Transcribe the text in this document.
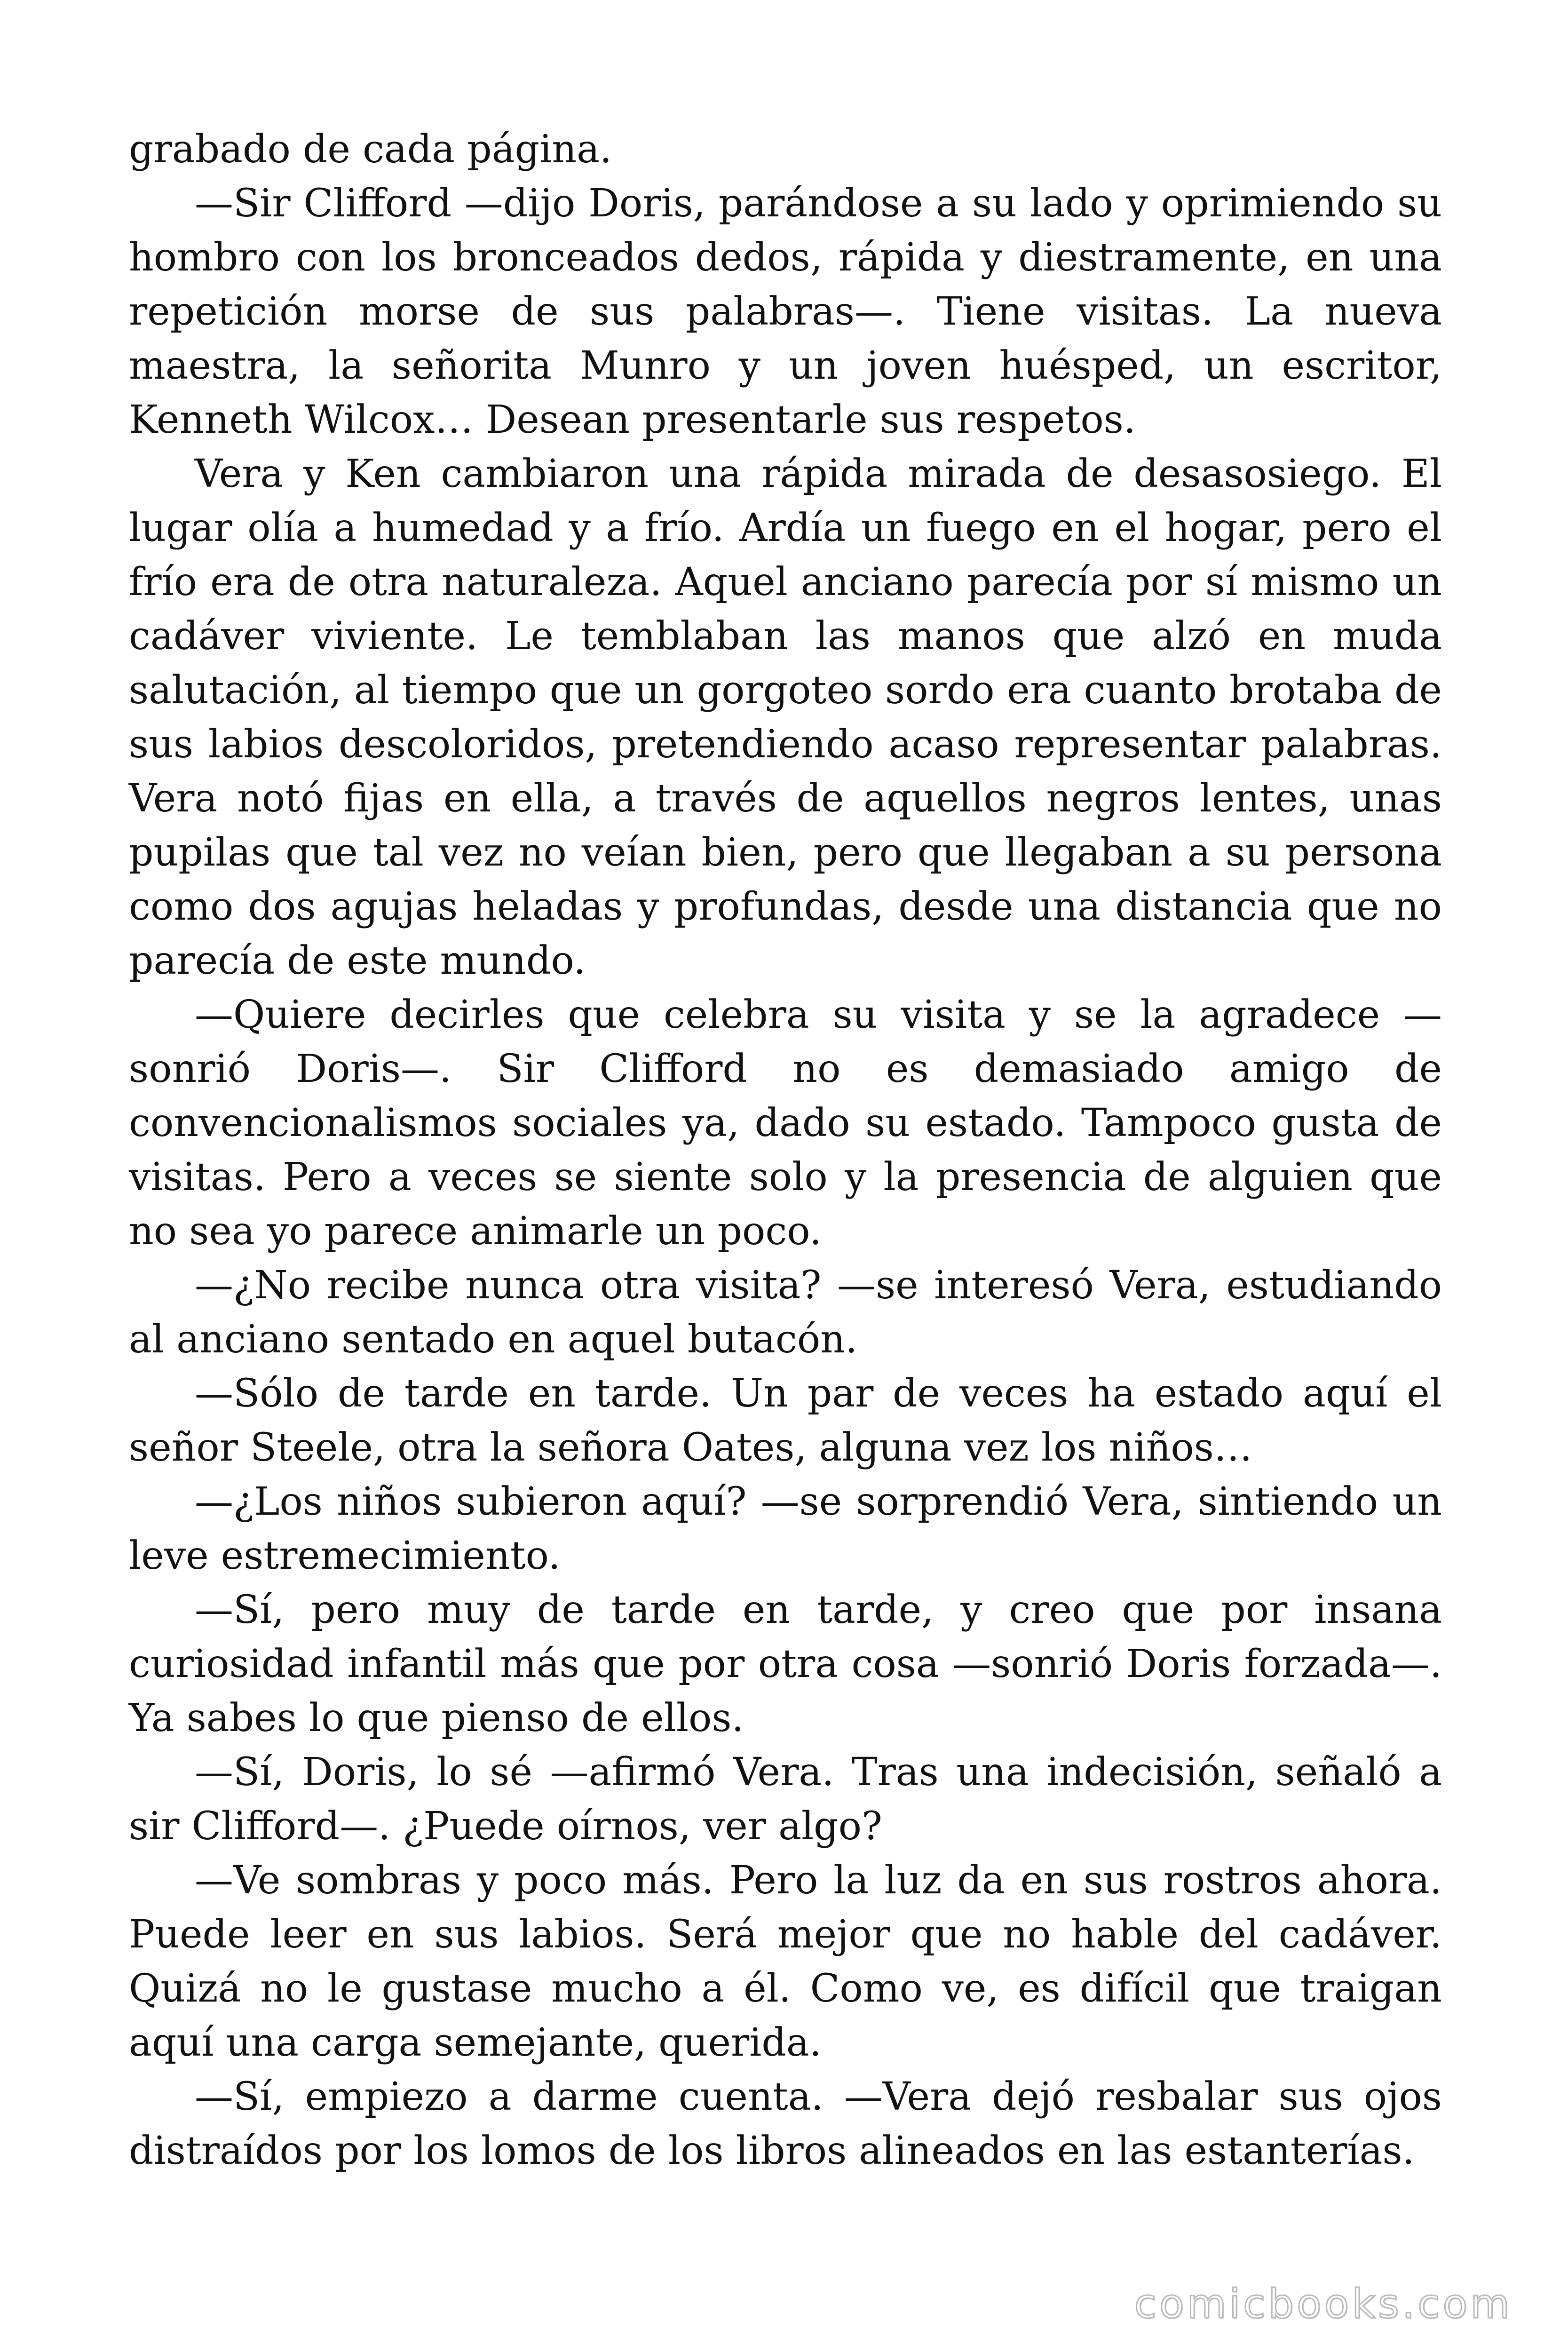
grabado de cada página.

—Sir Clifford —dijo Doris, parándose a su lado y oprimiendo su hombro con los bronceados dedos, rápida y diestramente, en una repetición morse de sus palabras—. Tiene visitas. La nueva maestra, la señorita Munro y un joven huésped, un escritor, Kenneth Wilcox… Desean presentarle sus respetos.

Vera y Ken cambiaron una rápida mirada de desasosiego. El lugar olía a humedad y a frío. Ardía un fuego en el hogar, pero el frío era de otra naturaleza. Aquel anciano parecía por sí mismo un cadáver viviente. Le temblaban las manos que alzó en muda salutación, al tiempo que un gorgoteo sordo era cuanto brotaba de sus labios descoloridos, pretendiendo acaso representar palabras. Vera notó fijas en ella, a través de aquellos negros lentes, unas pupilas que tal vez no veían bien, pero que llegaban a su persona como dos agujas heladas y profundas, desde una distancia que no parecía de este mundo.

—Quiere decirles que celebra su visita y se la agradece —sonrió Doris—. Sir Clifford no es demasiado amigo de convencionalismos sociales ya, dado su estado. Tampoco gusta de visitas. Pero a veces se siente solo y la presencia de alguien que no sea yo parece animarle un poco.

—¿No recibe nunca otra visita? —se interesó Vera, estudiando al anciano sentado en aquel butacón.

—Sólo de tarde en tarde. Un par de veces ha estado aquí el señor Steele, otra la señora Oates, alguna vez los niños…

—¿Los niños subieron aquí? —se sorprendió Vera, sintiendo un leve estremecimiento.

—Sí, pero muy de tarde en tarde, y creo que por insana curiosidad infantil más que por otra cosa —sonrió Doris forzada—. Ya sabes lo que pienso de ellos.

—Sí, Doris, lo sé —afirmó Vera. Tras una indecisión, señaló a sir Clifford—. ¿Puede oírnos, ver algo?

—Ve sombras y poco más. Pero la luz da en sus rostros ahora. Puede leer en sus labios. Será mejor que no hable del cadáver. Quizá no le gustase mucho a él. Como ve, es difícil que traigan aquí una carga semejante, querida.

—Sí, empiezo a darme cuenta. —Vera dejó resbalar sus ojos distraídos por los lomos de los libros alineados en las estanterías.

comicbooks.com
